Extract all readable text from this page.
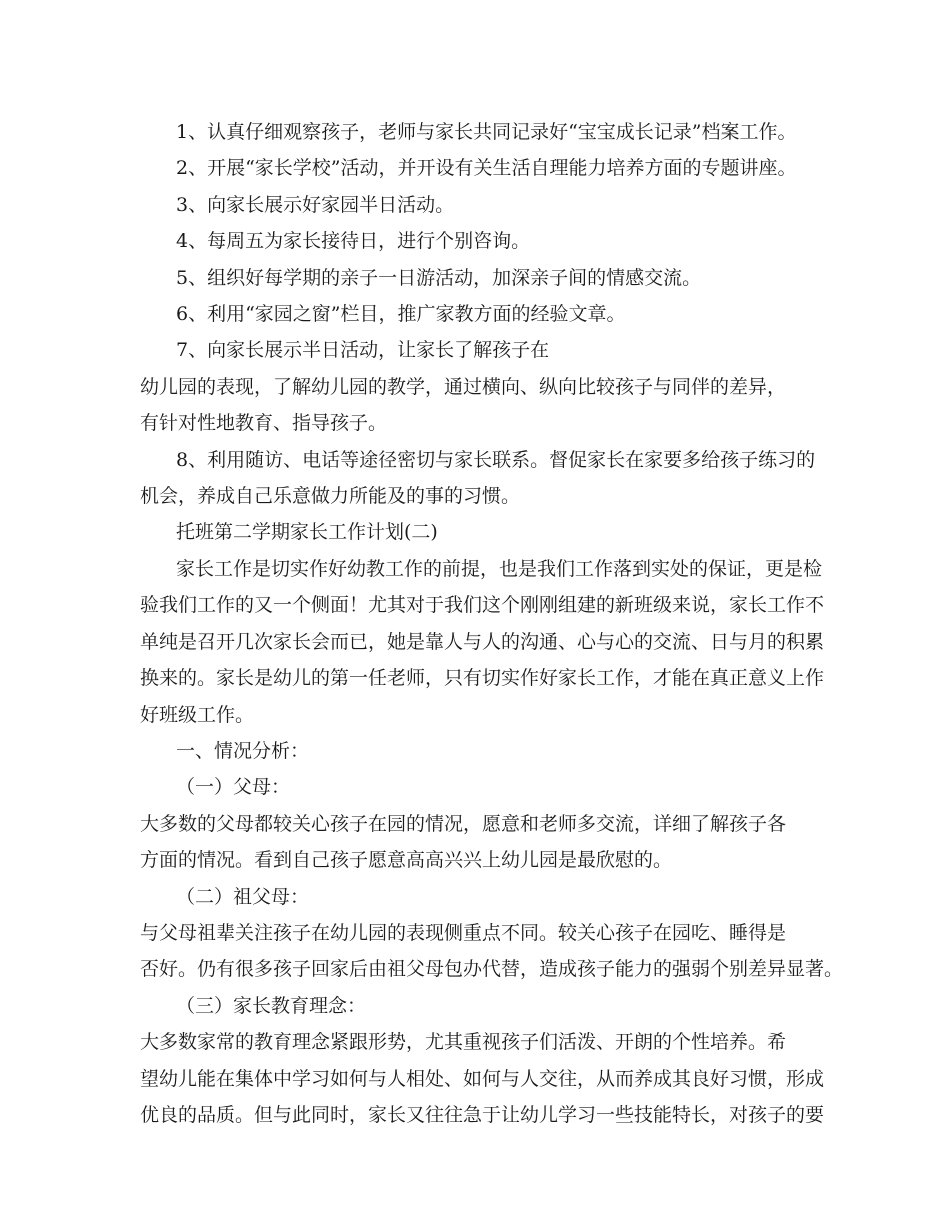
1、认真仔细观察孩子，老师与家长共同记录好“宝宝成长记录”档案工作。

2、开展“家长学校”活动，并开设有关生活自理能力培养方面的专题讲座。

3、向家长展示好家园半日活动。

4、每周五为家长接待日，进行个别咨询。

5、组织好每学期的亲子一日游活动，加深亲子间的情感交流。

6、利用“家园之窗”栏目，推广家教方面的经验文章。

7、向家长展示半日活动，让家长了解孩子在

幼儿园的表现，了解幼儿园的教学，通过横向、纵向比较孩子与同伴的差异，

有针对性地教育、指导孩子。

8、利用随访、电话等途径密切与家长联系。督促家长在家要多给孩子练习的

机会，养成自己乐意做力所能及的事的习惯。

托班第二学期家长工作计划(二)

家长工作是切实作好幼教工作的前提，也是我们工作落到实处的保证，更是检

验我们工作的又一个侧面！尤其对于我们这个刚刚组建的新班级来说，家长工作不

单纯是召开几次家长会而已，她是靠人与人的沟通、心与心的交流、日与月的积累

换来的。家长是幼儿的第一任老师，只有切实作好家长工作，才能在真正意义上作

好班级工作。

一、情况分析：

（一）父母：

大多数的父母都较关心孩子在园的情况，愿意和老师多交流，详细了解孩子各

方面的情况。看到自己孩子愿意高高兴兴上幼儿园是最欣慰的。

（二）祖父母：

与父母祖辈关注孩子在幼儿园的表现侧重点不同。较关心孩子在园吃、睡得是

否好。仍有很多孩子回家后由祖父母包办代替，造成孩子能力的强弱个别差异显著。

（三）家长教育理念：

大多数家常的教育理念紧跟形势，尤其重视孩子们活泼、开朗的个性培养。希

望幼儿能在集体中学习如何与人相处、如何与人交往，从而养成其良好习惯，形成

优良的品质。但与此同时，家长又往往急于让幼儿学习一些技能特长，对孩子的要
